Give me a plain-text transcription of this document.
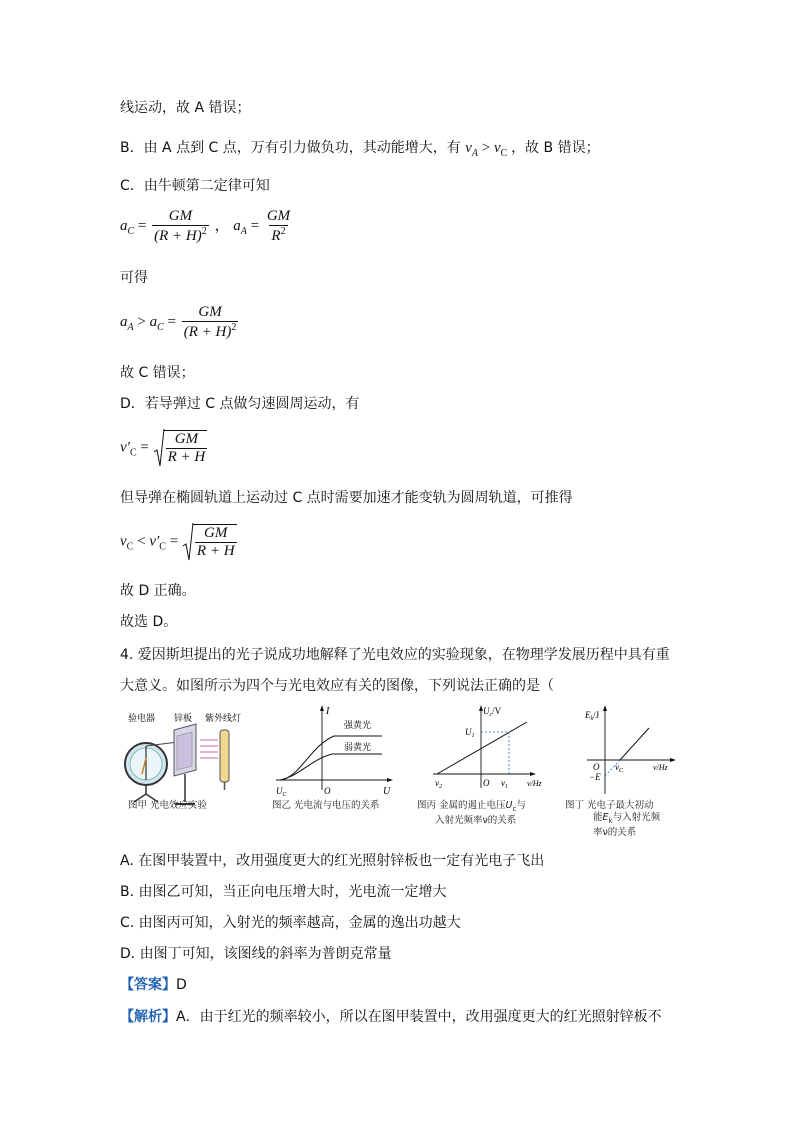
线运动，故 A 错误；
B．由 A 点到 C 点，万有引力做负功，其动能增大，有 $v_A > v_C$ ，故 B 错误；
C．由牛顿第二定律可知
$a_C = \frac{GM}{(R + H)^2}$ ， $a_A = \frac{GM}{R^2}$
可得
$a_A > a_C = \frac{GM}{(R + H)^2}$
故 C 错误；
D．若导弹过 C 点做匀速圆周运动，有
$v'_C = \frac{GM}{R + H}$
但导弹在椭圆轨道上运动过 C 点时需要加速才能变轨为圆周轨道，可推得
$v_C < v'_C = \frac{GM}{R + H}$
故 D 正确。
故选 D。
4. 爱因斯坦提出的光子说成功地解释了光电效应的实验现象，在物理学发展历程中具有重
大意义。如图所示为四个与光电效应有关的图像，下列说法正确的是（
验电器 锌板 紫外线灯
图甲 光电效应实验
I
U
O
$U_C$
强黄光
弱黄光
图乙 光电流与电压的关系
$U_c/V$
$U_1$
$\nu_2$	O $\nu_1$ ν/Hz
图丙 金属的遏止电压$U_c$与
入射光频率ν的关系
$E_k/J$
O $\nu_C$
−E
ν/Hz
图丁 光电子最大初动
能$E_k$与入射光频
率ν的关系
A. 在图甲装置中，改用强度更大的红光照射锌板也一定有光电子飞出
B. 由图乙可知，当正向电压增大时，光电流一定增大
C. 由图丙可知，入射光的频率越高，金属的逸出功越大
D. 由图丁可知，该图线的斜率为普朗克常量
【答案】D
【解析】A．由于红光的频率较小，所以在图甲装置中，改用强度更大的红光照射锌板不
